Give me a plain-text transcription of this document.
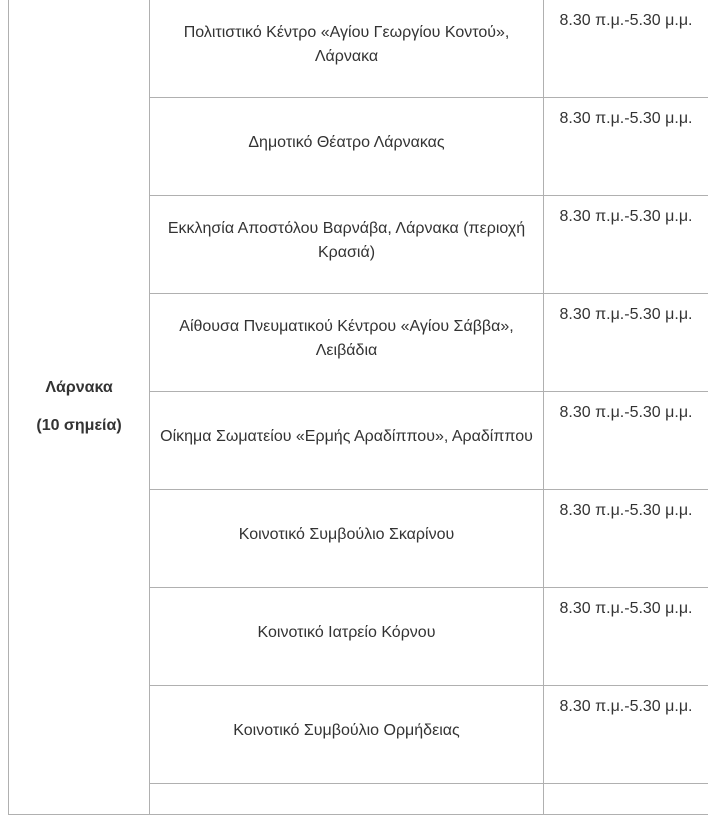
Λάρνακα
(10 σημεία)	Πολιτιστικό Κέντρο «Αγίου Γεωργίου Κοντού», Λάρνακα	8.30 π.μ.-5.30 μ.μ.

	Δημοτικό Θέατρο Λάρνακας	8.30 π.μ.-5.30 μ.μ.

	Εκκλησία Αποστόλου Βαρνάβα, Λάρνακα (περιοχή Κρασιά)	8.30 π.μ.-5.30 μ.μ.

	Αίθουσα Πνευματικού Κέντρου «Αγίου Σάββα», Λειβάδια	8.30 π.μ.-5.30 μ.μ.

	Οίκημα Σωματείου «Ερμής Αραδίππου», Αραδίππου	8.30 π.μ.-5.30 μ.μ.

	Κοινοτικό Συμβούλιο Σκαρίνου	8.30 π.μ.-5.30 μ.μ.

	Κοινοτικό Ιατρείο Κόρνου	8.30 π.μ.-5.30 μ.μ.

	Κοινοτικό Συμβούλιο Ορμήδειας	8.30 π.μ.-5.30 μ.μ.
